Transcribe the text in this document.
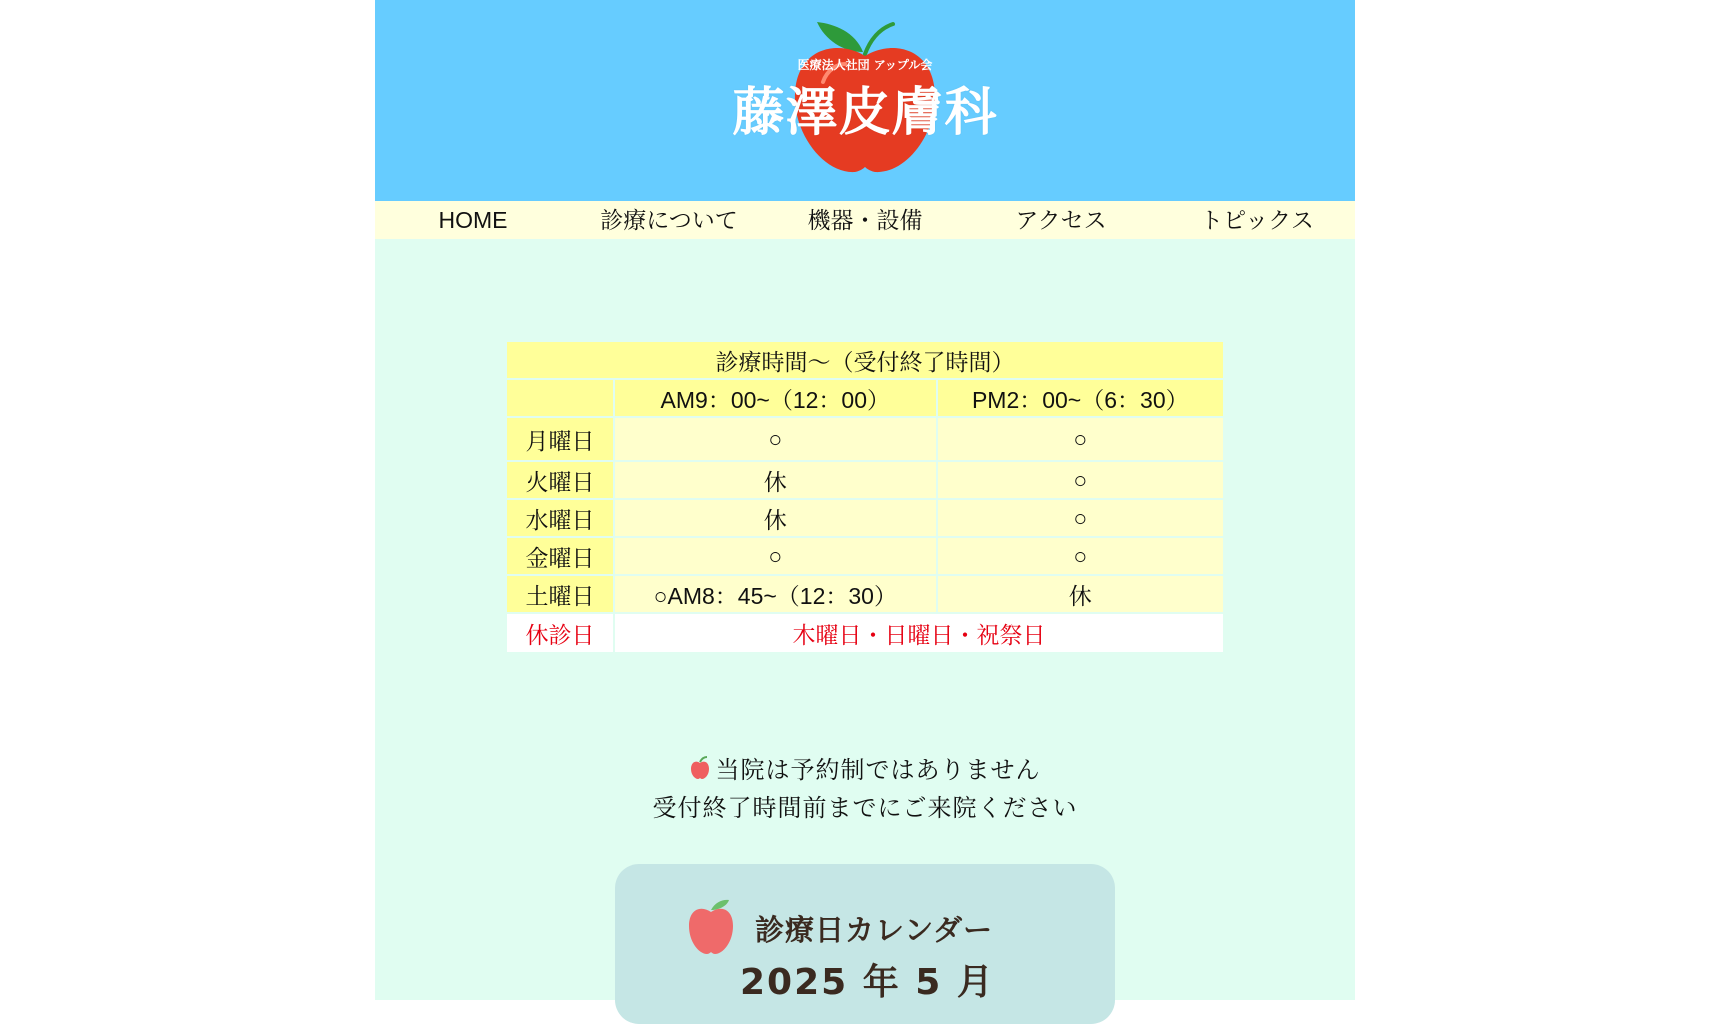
医療法人社団 アップル会
藤澤皮膚科
HOME	診療について	機器・設備	アクセス	トピックス
診療時間～（受付終了時間）		
	AM9：00~（12：00）	PM2：00~（6：30）
月曜日	○	○
火曜日	休	○
水曜日	休	○
金曜日	○	○
土曜日	○AM8：45~（12：30）	休
休診日	木曜日・日曜日・祝祭日	
当院は予約制ではありません
受付終了時間前までにご来院ください
診療日カレンダー
2025 年 5 月
